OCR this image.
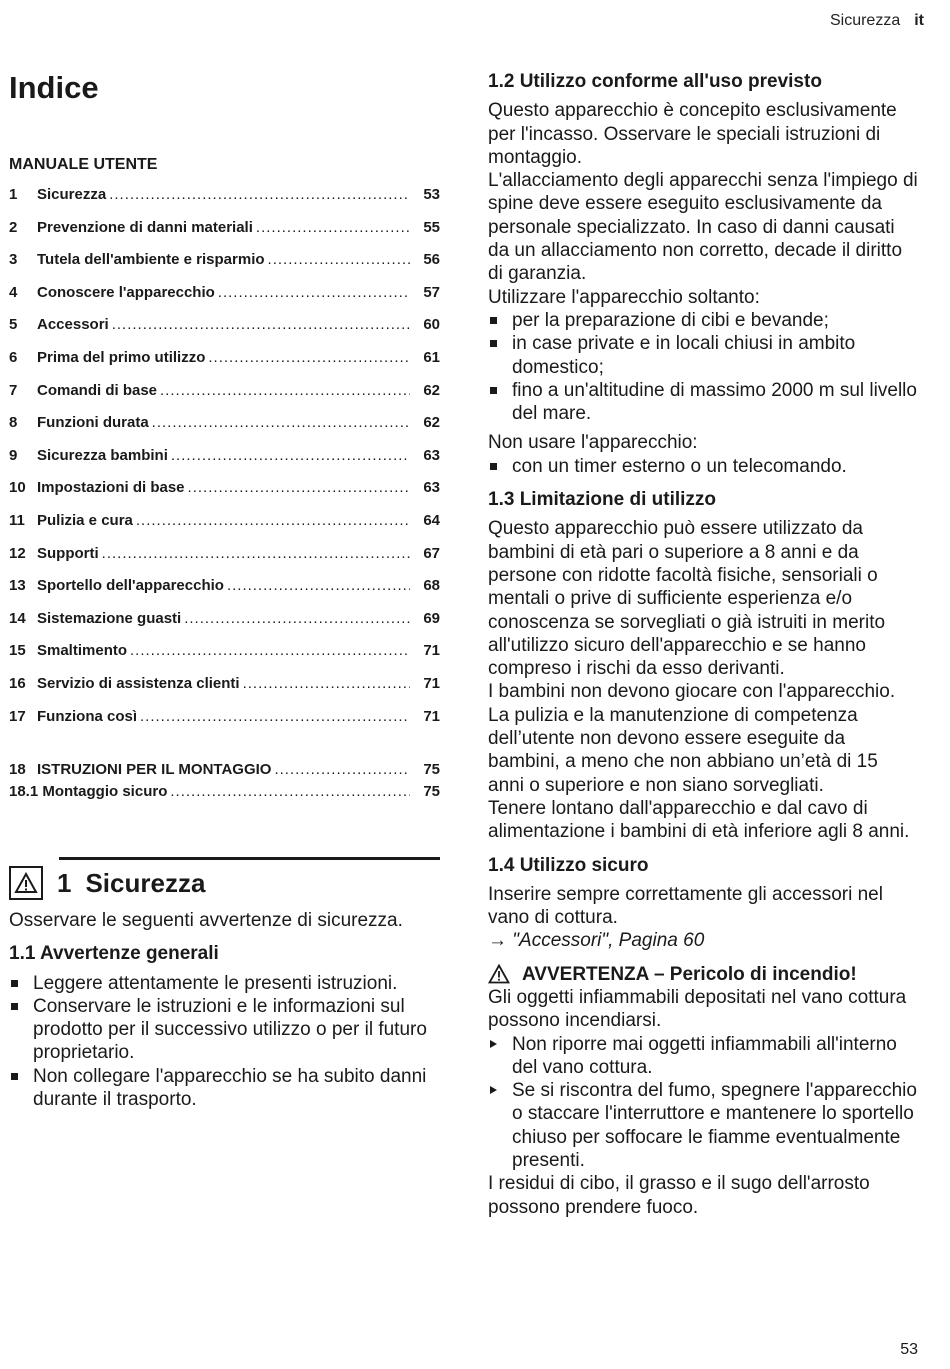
Sicurezza it
Indice
MANUALE UTENTE
1	Sicurezza .....	53
2	Prevenzione di danni materiali .....	55
3	Tutela dell'ambiente e risparmio .....	56
4	Conoscere l'apparecchio .....	57
5	Accessori .....	60
6	Prima del primo utilizzo .....	61
7	Comandi di base .....	62
8	Funzioni durata .....	62
9	Sicurezza bambini .....	63
10 Impostazioni di base .....	63
11 Pulizia e cura .....	64
12 Supporti .....	67
13 Sportello dell'apparecchio .....	68
14 Sistemazione guasti .....	69
15 Smaltimento .....	71
16 Servizio di assistenza clienti .....	71
17 Funziona così .....	71
18 ISTRUZIONI PER IL MONTAGGIO .....	75
18.1 Montaggio sicuro .....	75
1 Sicurezza

Osservare le seguenti avvertenze di sicurezza.

1.1 Avvertenze generali

Leggere attentamente le presenti istruzioni.
Conservare le istruzioni e le informazioni sul prodotto per il successivo utilizzo o per il futuro proprietario.
Non collegare l'apparecchio se ha subito danni durante il trasporto.

1.2 Utilizzo conforme all'uso previsto

Questo apparecchio è concepito esclusivamente per l'incasso. Osservare le speciali istruzioni di montaggio.

L'allacciamento degli apparecchi senza l'impiego di spine deve essere eseguito esclusivamente da personale specializzato. In caso di danni causati da un allacciamento non corretto, decade il diritto di garanzia.

Utilizzare l'apparecchio soltanto:

per la preparazione di cibi e bevande;
in case private e in locali chiusi in ambito domestico;
fino a un'altitudine di massimo 2000 m sul livello del mare.

Non usare l'apparecchio:

con un timer esterno o un telecomando.

1.3 Limitazione di utilizzo

Questo apparecchio può essere utilizzato da bambini di età pari o superiore a 8 anni e da persone con ridotte facoltà fisiche, sensoriali o mentali o prive di sufficiente esperienza e/o conoscenza se sorvegliati o già istruiti in merito all'utilizzo sicuro dell'apparecchio e se hanno compreso i rischi da esso derivanti.

I bambini non devono giocare con l'apparecchio.

La pulizia e la manutenzione di competenza dell’utente non devono essere eseguite da bambini, a meno che non abbiano un’età di 15 anni o superiore e non siano sorvegliati.

Tenere lontano dall'apparecchio e dal cavo di alimentazione i bambini di età inferiore agli 8 anni.

1.4 Utilizzo sicuro

Inserire sempre correttamente gli accessori nel vano di cottura.

→ "Accessori", Pagina 60
AVVERTENZA – Pericolo di incendio!

Gli oggetti infiammabili depositati nel vano cottura possono incendiarsi.

Non riporre mai oggetti infiammabili all'interno del vano cottura.
Se si riscontra del fumo, spegnere l'apparecchio o staccare l'interruttore e mantenere lo sportello chiuso per soffocare le fiamme eventualmente presenti.

I residui di cibo, il grasso e il sugo dell'arrosto possono prendere fuoco.

53
